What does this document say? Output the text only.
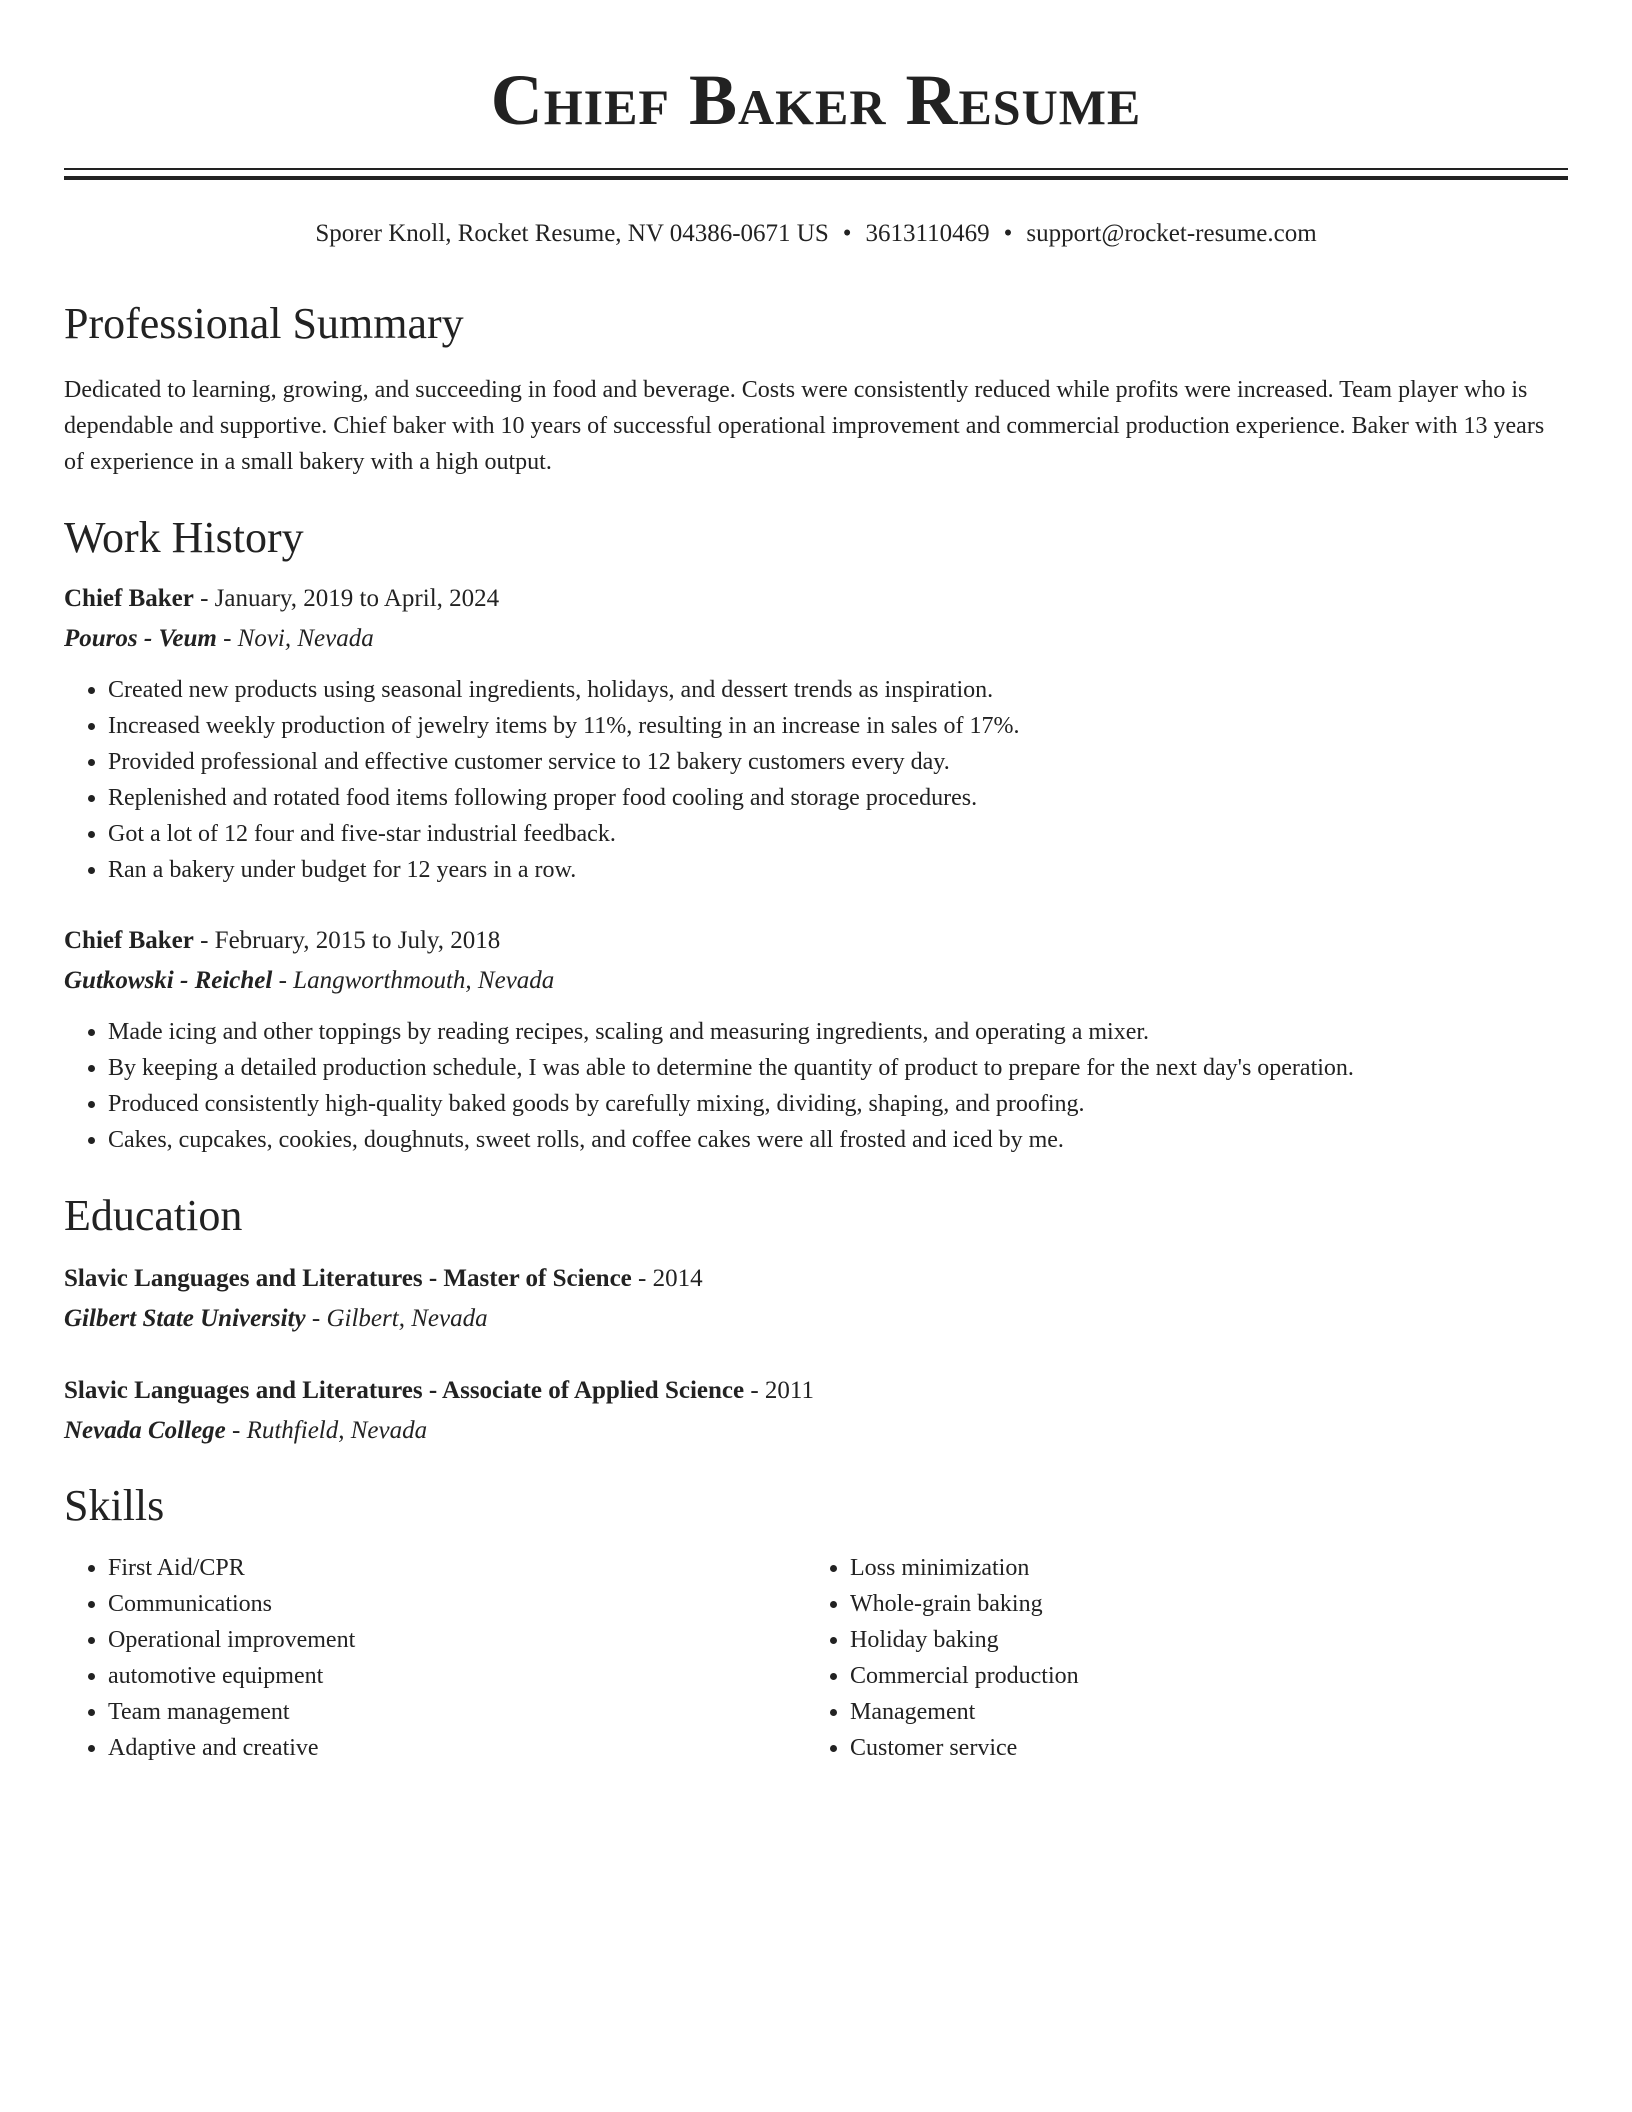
Chief Baker Resume
Sporer Knoll, Rocket Resume, NV 04386-0671 US • 3613110469 • support@rocket-resume.com
Professional Summary
Dedicated to learning, growing, and succeeding in food and beverage. Costs were consistently reduced while profits were increased. Team player who is dependable and supportive. Chief baker with 10 years of successful operational improvement and commercial production experience. Baker with 13 years of experience in a small bakery with a high output.
Work History
Chief Baker - January, 2019 to April, 2024
Pouros - Veum - Novi, Nevada
• Created new products using seasonal ingredients, holidays, and dessert trends as inspiration.
• Increased weekly production of jewelry items by 11%, resulting in an increase in sales of 17%.
• Provided professional and effective customer service to 12 bakery customers every day.
• Replenished and rotated food items following proper food cooling and storage procedures.
• Got a lot of 12 four and five-star industrial feedback.
• Ran a bakery under budget for 12 years in a row.
Chief Baker - February, 2015 to July, 2018
Gutkowski - Reichel - Langworthmouth, Nevada
• Made icing and other toppings by reading recipes, scaling and measuring ingredients, and operating a mixer.
• By keeping a detailed production schedule, I was able to determine the quantity of product to prepare for the next day's operation.
• Produced consistently high-quality baked goods by carefully mixing, dividing, shaping, and proofing.
• Cakes, cupcakes, cookies, doughnuts, sweet rolls, and coffee cakes were all frosted and iced by me.
Education
Slavic Languages and Literatures - Master of Science - 2014
Gilbert State University - Gilbert, Nevada
Slavic Languages and Literatures - Associate of Applied Science - 2011
Nevada College - Ruthfield, Nevada
Skills
• First Aid/CPR
• Communications
• Operational improvement
• automotive equipment
• Team management
• Adaptive and creative
• Loss minimization
• Whole-grain baking
• Holiday baking
• Commercial production
• Management
• Customer service
